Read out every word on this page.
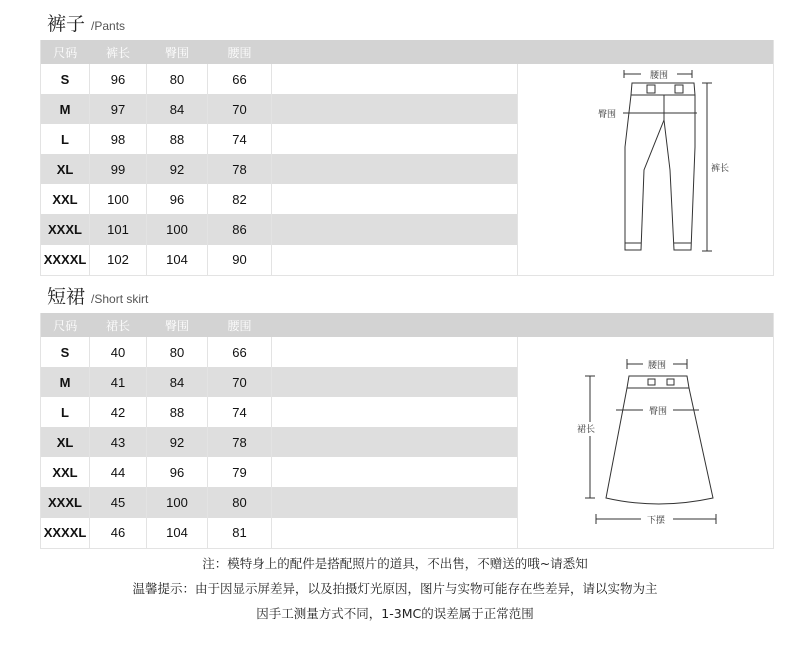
裤子 /Pants
尺码	裤长	臀围	腰围		
S	96	80	66		腰围
臀围
裤长

M	97	84	70		
L	98	88	74		
XL	99	92	78		
XXL	100	96	82		
XXXL	101	100	86		
XXXXL	102	104	90		
短裙 /Short skirt
尺码	裙长	臀围	腰围		
S	40	80	66		腰围
臀围
裙长
下摆

M	41	84	70		
L	42	88	74		
XL	43	92	78		
XXL	44	96	79		
XXXL	45	100	80		
XXXXL	46	104	81		
注：模特身上的配件是搭配照片的道具，不出售，不赠送的哦~请悉知
温馨提示：由于因显示屏差异，以及拍摄灯光原因，图片与实物可能存在些差异，请以实物为主
因手工测量方式不同，1-3MC的误差属于正常范围
